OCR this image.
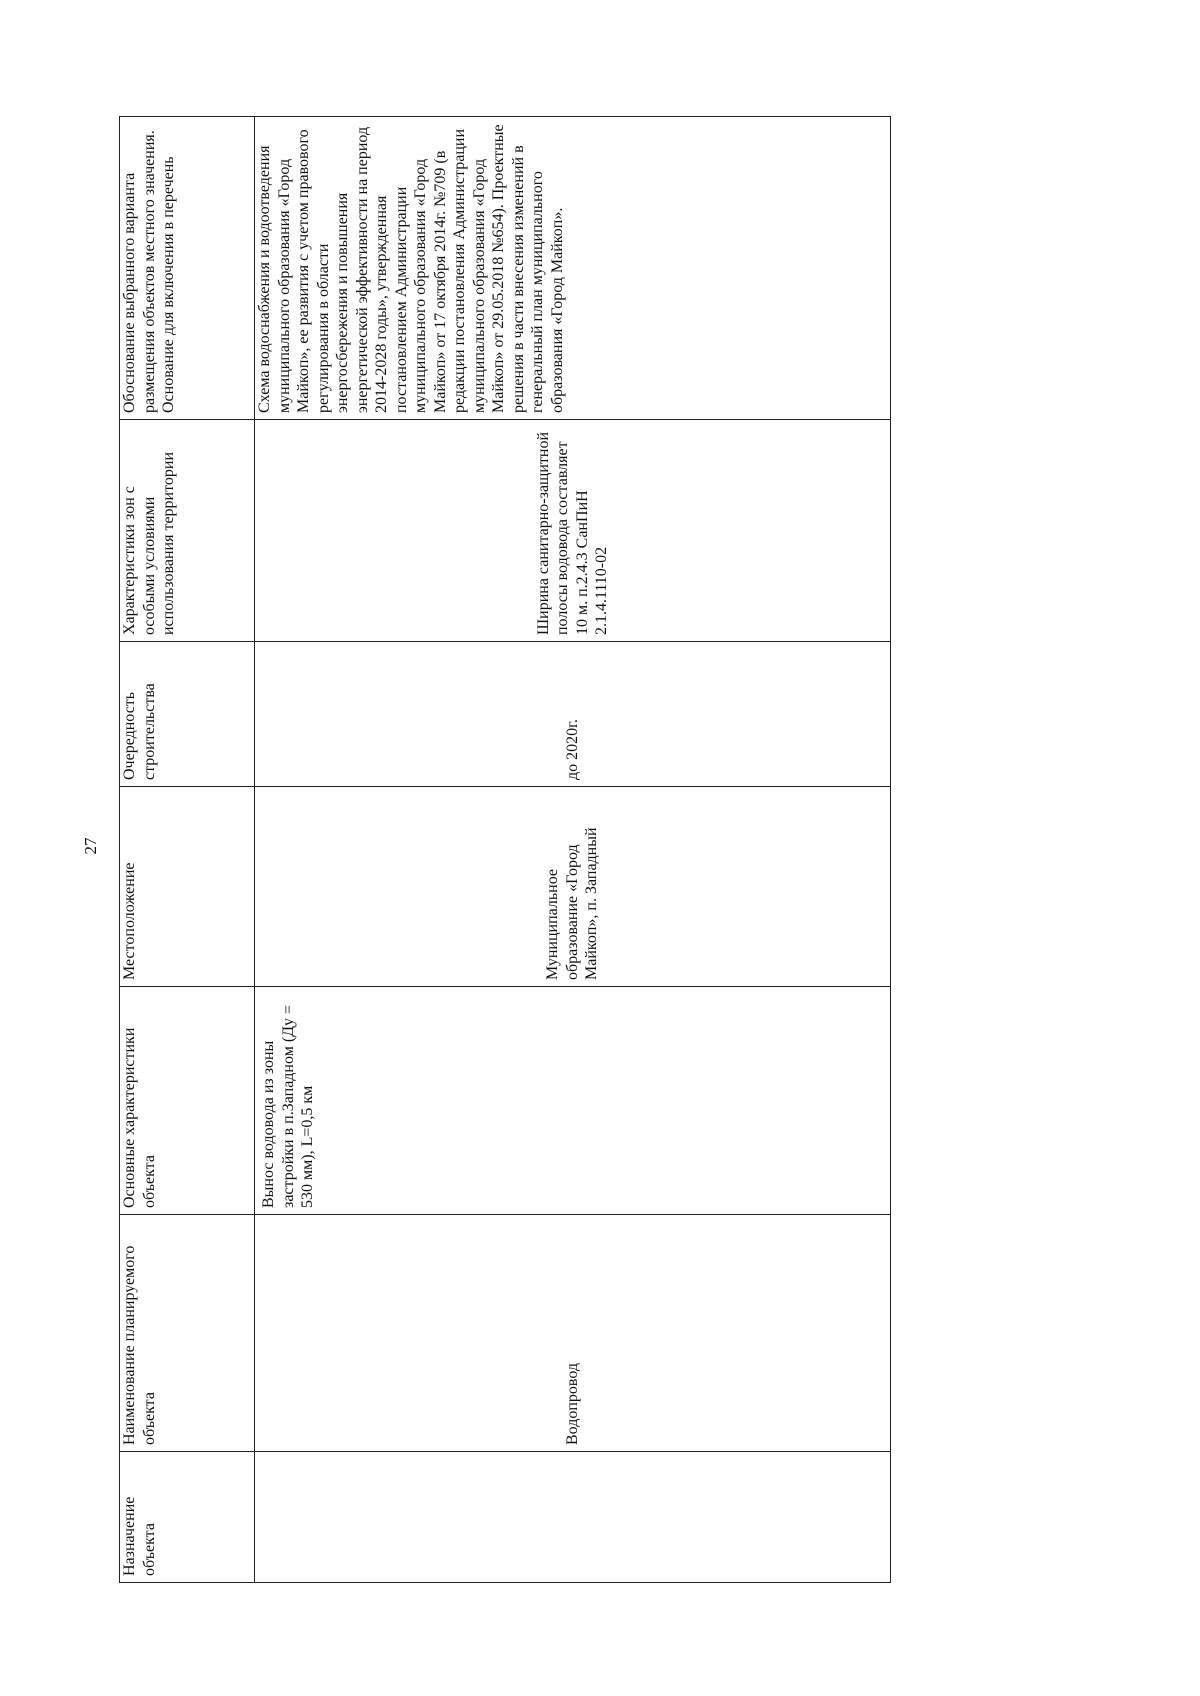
27
Назначение объекта	Наименование планируемого объекта	Основные характеристики объекта	Местоположение	Очередность строительства	Характеристики зон с особыми условиями использования территории	Обоснование выбранного варианта размещения объектов местного значения. Основание для включения в перечень
	Водопровод	Вынос водовода из зоны застройки в п.Западном (Ду = 530 мм), L=0,5 км	Муниципальное образование «Город Майкоп», п. Западный	до 2020г.	Ширина санитарно-защитной полосы водовода составляет 10 м. п.2.4.3 СанПиН 2.1.4.1110-02	Схема водоснабжения и водоотведения муниципального образования «Город Майкоп», ее развития с учетом правового регулирования в области энергосбережения и повышения энергетической эффективности на период 2014-2028 годы», утвержденная постановлением Администрации муниципального образования «Город Майкоп» от 17 октября 2014г. №709 (в редакции постановления Администрации муниципального образования «Город Майкоп» от 29.05.2018 №654). Проектные решения в части внесения изменений в генеральный план муниципального образования «Город Майкоп».
